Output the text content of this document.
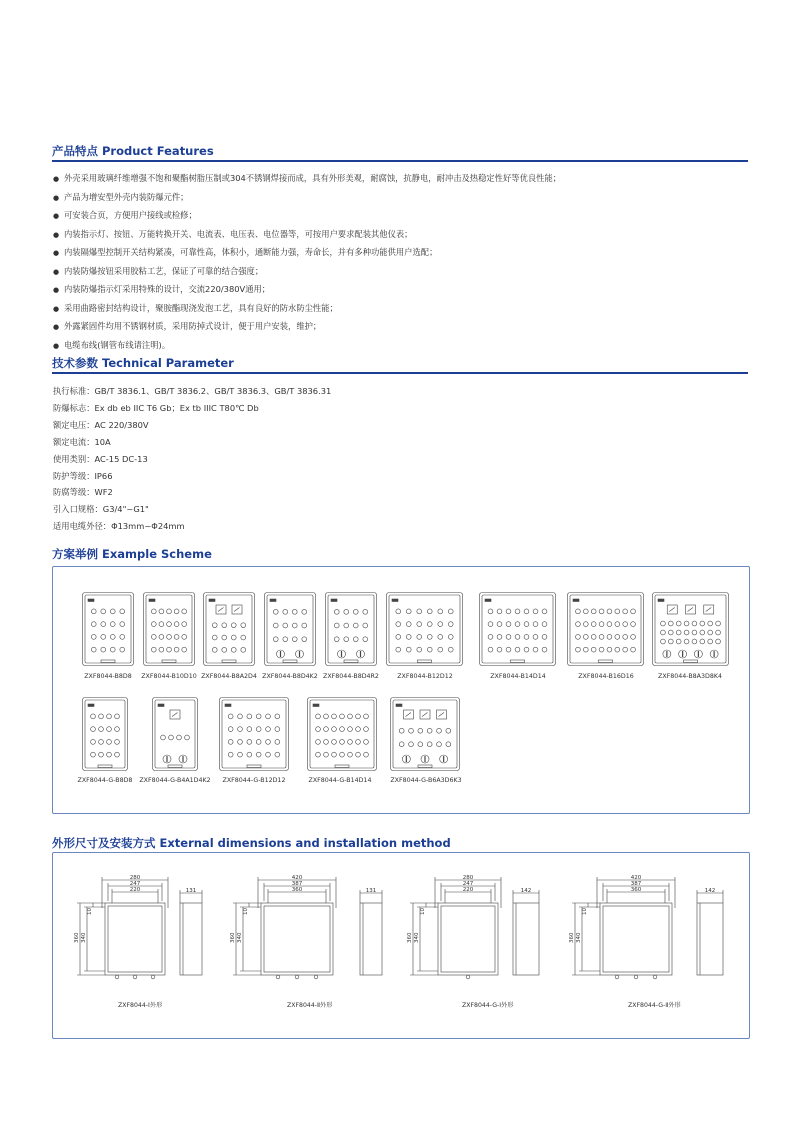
产品特点 Product Features
● 外壳采用玻璃纤维增强不饱和聚酯树脂压制或304不锈钢焊接而成，具有外形美观，耐腐蚀，抗静电，耐冲击及热稳定性好等优良性能；
● 产品为增安型外壳内装防爆元件；
● 可安装合页，方便用户接线或检修；
● 内装指示灯、按钮、万能转换开关、电流表、电压表、电位器等，可按用户要求配装其他仪表；
● 内装隔爆型控制开关结构紧凑，可靠性高，体积小，通断能力强，寿命长，并有多种功能供用户选配；
● 内装防爆按钮采用胶粘工艺，保证了可靠的结合强度；
● 内装防爆指示灯采用特殊的设计，交流220/380V通用；
● 采用曲路密封结构设计，聚胺酯现浇发泡工艺，具有良好的防水防尘性能；
● 外露紧固件均用不锈钢材质，采用防掉式设计，便于用户安装，维护；
● 电缆布线(钢管布线请注明)。
技术参数 Technical Parameter
执行标准：GB/T 3836.1、GB/T 3836.2、GB/T 3836.3、GB/T 3836.31
防爆标志：Ex db eb IIC T6 Gb；Ex tb IIIC T80℃ Db
额定电压：AC 220/380V
额定电流：10A
使用类别：AC-15 DC-13
防护等级：IP66
防腐等级：WF2
引入口规格：G3/4"~G1"
适用电缆外径：Φ13mm~Φ24mm
方案举例 Example Scheme
ZXF8044-B8D8	ZXF8044-B10D10 ZXF8044-B8A2D4 ZXF8044-B8D4K2 ZXF8044-B8D4R2	ZXF8044-B12D12	ZXF8044-B14D14	ZXF8044-B16D16	ZXF8044-B8A3D8K4
ZXF8044-G-B8D8	ZXF8044-G-B4A1D4K2	ZXF8044-G-B12D12	ZXF8044-G-B14D14	ZXF8044-G-B6A3D6K3
外形尺寸及安装方式 External dimensions and installation method
280
247
220
360 340
10
131
ZXF8044-Ⅰ外形
420
387
360
360 340
10
131
ZXF8044-Ⅱ外形
280
247
220
360 340
10
142
ZXF8044-G-Ⅰ外形
420
387
360
360 340
10
142
ZXF8044-G-Ⅱ外形
